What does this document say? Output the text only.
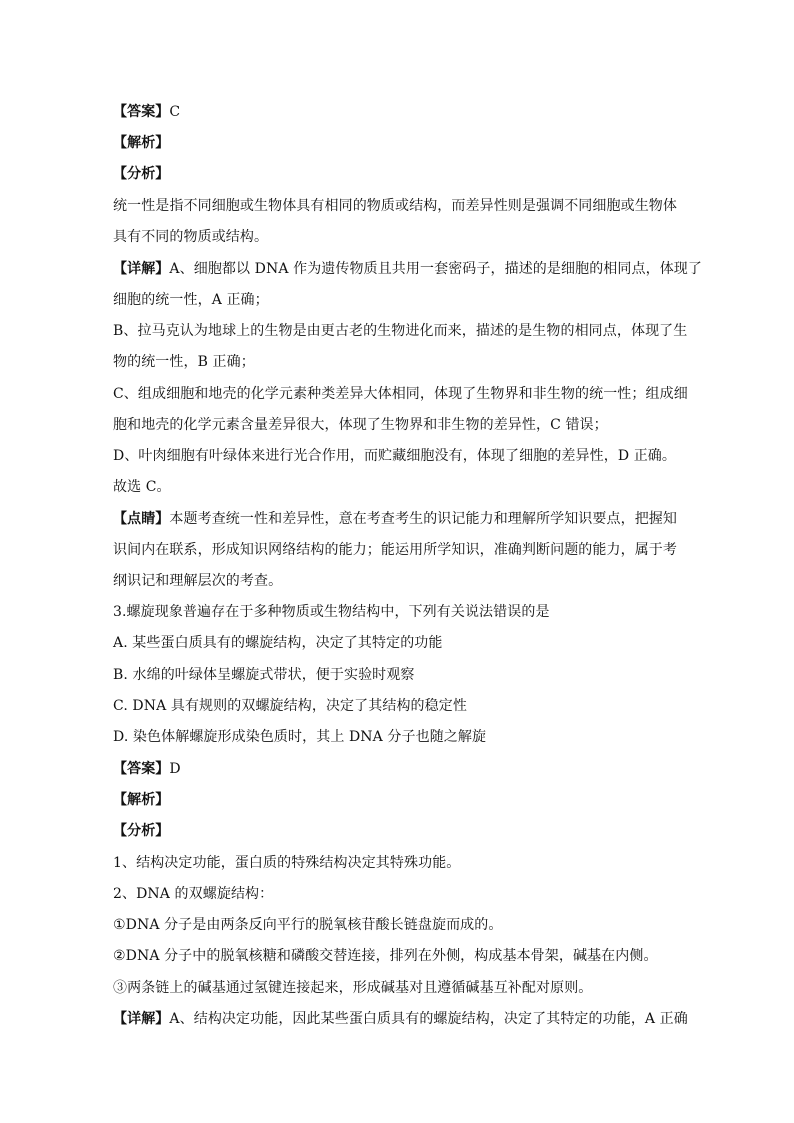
【答案】C
【解析】
【分析】
统一性是指不同细胞或生物体具有相同的物质或结构，而差异性则是强调不同细胞或生物体
具有不同的物质或结构。
【详解】A、细胞都以 DNA 作为遗传物质且共用一套密码子，描述的是细胞的相同点，体现了
细胞的统一性，A 正确；
B、拉马克认为地球上的生物是由更古老的生物进化而来，描述的是生物的相同点，体现了生
物的统一性，B 正确；
C、组成细胞和地壳的化学元素种类差异大体相同，体现了生物界和非生物的统一性；组成细
胞和地壳的化学元素含量差异很大，体现了生物界和非生物的差异性，C 错误；
D、叶肉细胞有叶绿体来进行光合作用，而贮藏细胞没有，体现了细胞的差异性，D 正确。
故选 C。
【点睛】本题考查统一性和差异性，意在考查考生的识记能力和理解所学知识要点，把握知
识间内在联系，形成知识网络结构的能力；能运用所学知识，准确判断问题的能力，属于考
纲识记和理解层次的考查。
3.螺旋现象普遍存在于多种物质或生物结构中，下列有关说法错误的是
A. 某些蛋白质具有的螺旋结构，决定了其特定的功能
B. 水绵的叶绿体呈螺旋式带状，便于实验时观察
C. DNA 具有规则的双螺旋结构，决定了其结构的稳定性
D. 染色体解螺旋形成染色质时，其上 DNA 分子也随之解旋
【答案】D
【解析】
【分析】
1、结构决定功能，蛋白质的特殊结构决定其特殊功能。
2、DNA 的双螺旋结构：
①DNA 分子是由两条反向平行的脱氧核苷酸长链盘旋而成的。
②DNA 分子中的脱氧核糖和磷酸交替连接，排列在外侧，构成基本骨架，碱基在内侧。
③两条链上的碱基通过氢键连接起来，形成碱基对且遵循碱基互补配对原则。
【详解】A、结构决定功能，因此某些蛋白质具有的螺旋结构，决定了其特定的功能，A 正确
